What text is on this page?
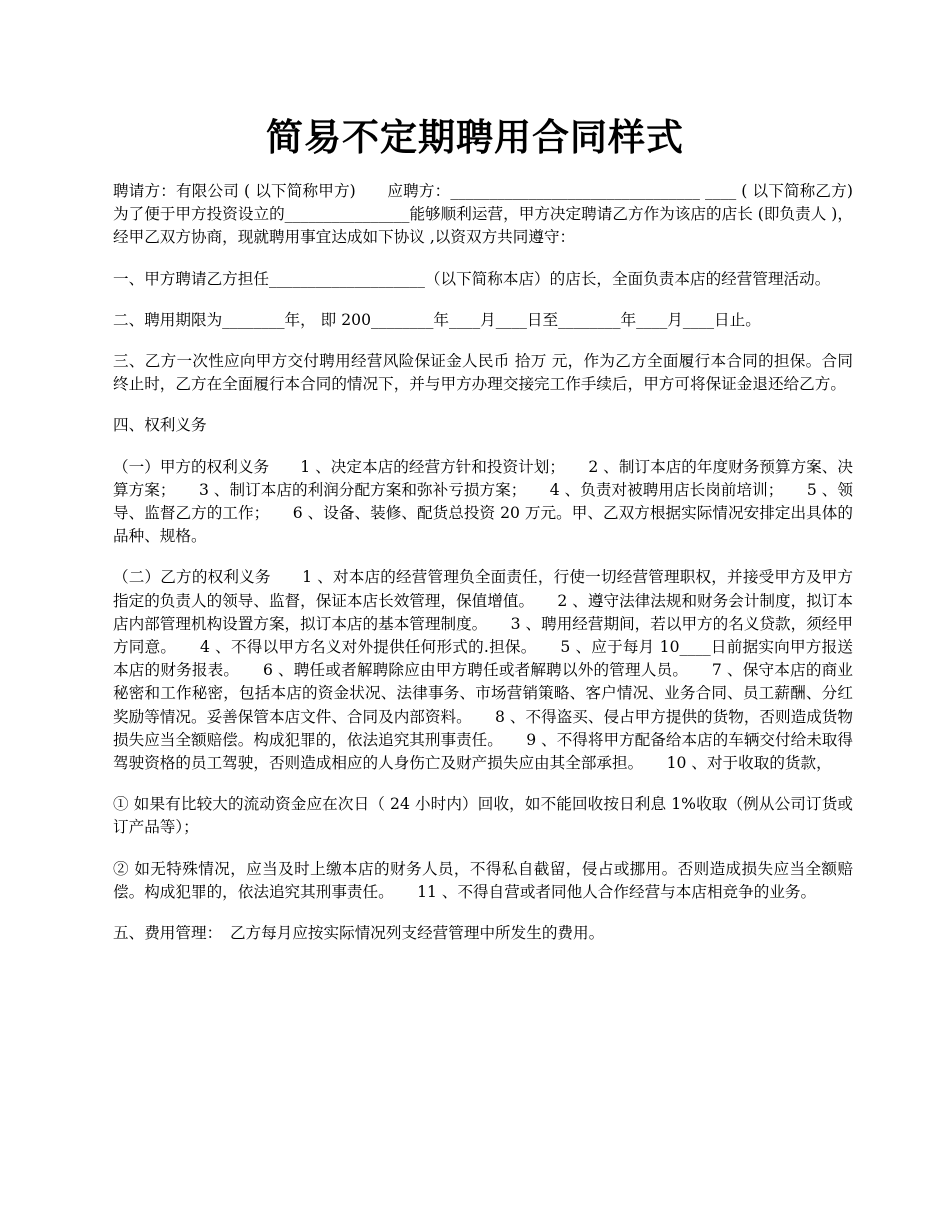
简易不定期聘用合同样式

聘请方：有限公司 ( 以下简称甲方)　　应聘方：________________________________ ____ ( 以下简称乙方)　　为了便于甲方投资设立的________________能够顺利运营，甲方决定聘请乙方作为该店的店长 (即负责人 )，经甲乙双方协商，现就聘用事宜达成如下协议 ,以资双方共同遵守：

一、甲方聘请乙方担任____________________（以下简称本店）的店长，全面负责本店的经营管理活动。

二、聘用期限为________年， 即 200________年____月____日至________年____月____日止。

三、乙方一次性应向甲方交付聘用经营风险保证金人民币 拾万 元，作为乙方全面履行本合同的担保。合同终止时，乙方在全面履行本合同的情况下，并与甲方办理交接完工作手续后，甲方可将保证金退还给乙方。

四、权利义务

（一）甲方的权利义务　　1 、决定本店的经营方针和投资计划；　　2 、制订本店的年度财务预算方案、决算方案；　　3 、制订本店的利润分配方案和弥补亏损方案；　　4 、负责对被聘用店长岗前培训；　　5 、领导、监督乙方的工作；　　6 、设备、装修、配货总投资 20 万元。甲、乙双方根据实际情况安排定出具体的品种、规格。

（二）乙方的权利义务　　1 、对本店的经营管理负全面责任，行使一切经营管理职权，并接受甲方及甲方指定的负责人的领导、监督，保证本店长效管理，保值增值。　　2 、遵守法律法规和财务会计制度，拟订本店内部管理机构设置方案，拟订本店的基本管理制度。　　3 、聘用经营期间，若以甲方的名义贷款，须经甲方同意。　　4 、不得以甲方名义对外提供任何形式的.担保。　　5 、应于每月 10____日前据实向甲方报送本店的财务报表。　　6 、聘任或者解聘除应由甲方聘任或者解聘以外的管理人员。　　7 、保守本店的商业秘密和工作秘密，包括本店的资金状况、法律事务、市场营销策略、客户情况、业务合同、员工薪酬、分红奖励等情况。妥善保管本店文件、合同及内部资料。　　8 、不得盗买、侵占甲方提供的货物，否则造成货物损失应当全额赔偿。构成犯罪的，依法追究其刑事责任。　　9 、不得将甲方配备给本店的车辆交付给未取得驾驶资格的员工驾驶，否则造成相应的人身伤亡及财产损失应由其全部承担。　　10 、对于收取的货款，

① 如果有比较大的流动资金应在次日（ 24 小时内）回收，如不能回收按日利息 1%收取（例从公司订货或订产品等）；

② 如无特殊情况，应当及时上缴本店的财务人员，不得私自截留，侵占或挪用。否则造成损失应当全额赔偿。构成犯罪的，依法追究其刑事责任。　　11 、不得自营或者同他人合作经营与本店相竞争的业务。

五、费用管理：　乙方每月应按实际情况列支经营管理中所发生的费用。
